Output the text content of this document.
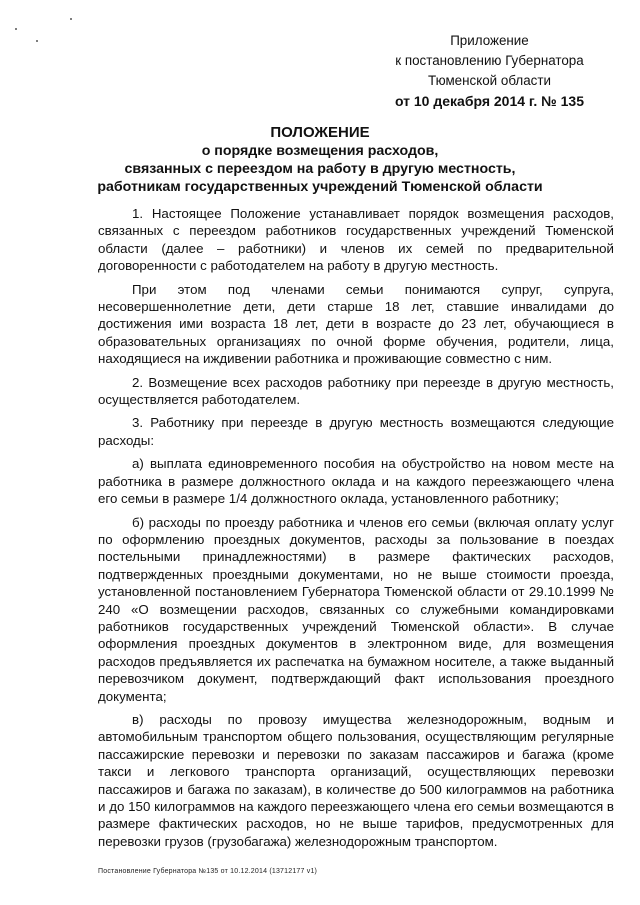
Приложение
к постановлению Губернатора
Тюменской области
от 10 декабря 2014 г. № 135
ПОЛОЖЕНИЕ
о порядке возмещения расходов,
связанных с переездом на работу в другую местность,
работникам государственных учреждений Тюменской области

1. Настоящее Положение устанавливает порядок возмещения расходов, связанных с переездом работников государственных учреждений Тюменской области (далее – работники) и членов их семей по предварительной договоренности с работодателем на работу в другую местность.

При этом под членами семьи понимаются супруг, супруга, несовершеннолетние дети, дети старше 18 лет, ставшие инвалидами до достижения ими возраста 18 лет, дети в возрасте до 23 лет, обучающиеся в образовательных организациях по очной форме обучения, родители, лица, находящиеся на иждивении работника и проживающие совместно с ним.

2. Возмещение всех расходов работнику при переезде в другую местность, осуществляется работодателем.

3. Работнику при переезде в другую местность возмещаются следующие расходы:

а) выплата единовременного пособия на обустройство на новом месте на работника в размере должностного оклада и на каждого переезжающего члена его семьи в размере 1/4 должностного оклада, установленного работнику;

б) расходы по проезду работника и членов его семьи (включая оплату услуг по оформлению проездных документов, расходы за пользование в поездах постельными принадлежностями) в размере фактических расходов, подтвержденных проездными документами, но не выше стоимости проезда, установленной постановлением Губернатора Тюменской области от 29.10.1999 № 240 «О возмещении расходов, связанных со служебными командировками работников государственных учреждений Тюменской области». В случае оформления проездных документов в электронном виде, для возмещения расходов предъявляется их распечатка на бумажном носителе, а также выданный перевозчиком документ, подтверждающий факт использования проездного документа;

в) расходы по провозу имущества железнодорожным, водным и автомобильным транспортом общего пользования, осуществляющим регулярные пассажирские перевозки и перевозки по заказам пассажиров и багажа (кроме такси и легкового транспорта организаций, осуществляющих перевозки пассажиров и багажа по заказам), в количестве до 500 килограммов на работника и до 150 килограммов на каждого переезжающего члена его семьи возмещаются в размере фактических расходов, но не выше тарифов, предусмотренных для перевозки грузов (грузобагажа) железнодорожным транспортом.

Постановление Губернатора №135 от 10.12.2014 (13712177 v1)
